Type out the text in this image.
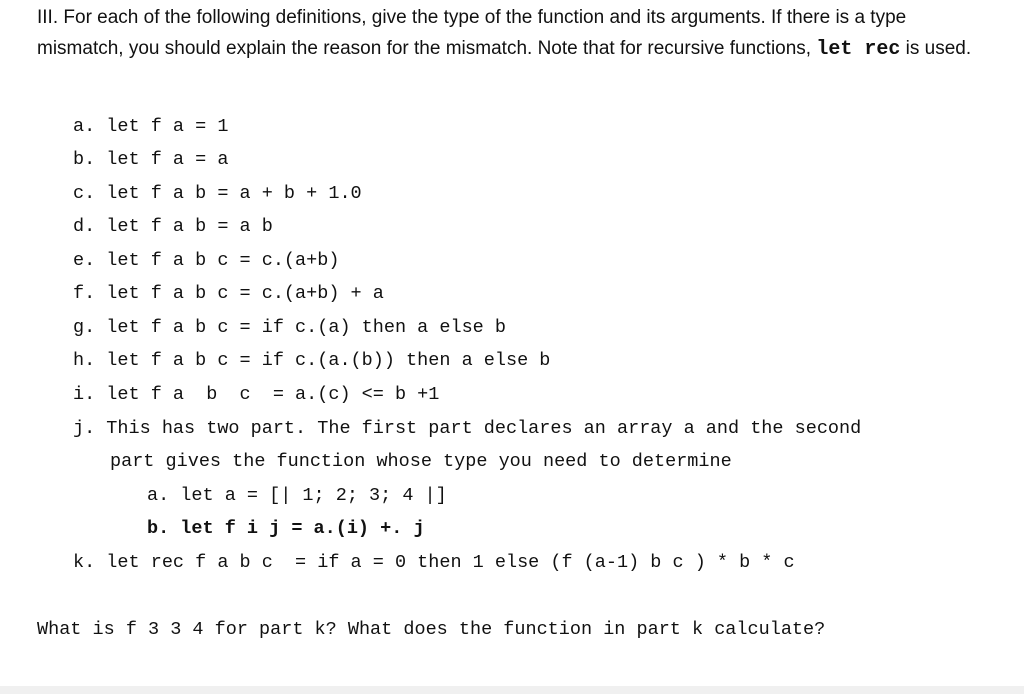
III. For each of the following definitions, give the type of the function and its arguments. If there is a type mismatch, you should explain the reason for the mismatch. Note that for recursive functions, let rec is used.

a. let f a = 1
b. let f a = a
c. let f a b = a + b + 1.0
d. let f a b = a b
e. let f a b c = c.(a+b)
f. let f a b c = c.(a+b) + a
g. let f a b c = if c.(a) then a else b
h. let f a b c = if c.(a.(b)) then a else b
i. let f a  b  c  = a.(c) <= b +1
j. This has two part. The first part declares an array a and the second
part gives the function whose type you need to determine
a. let a = [| 1; 2; 3; 4 |]
b. let f i j = a.(i) +. j
k. let rec f a b c  = if a = 0 then 1 else (f (a-1) b c ) * b * c
What is f 3 3 4 for part k? What does the function in part k calculate?
